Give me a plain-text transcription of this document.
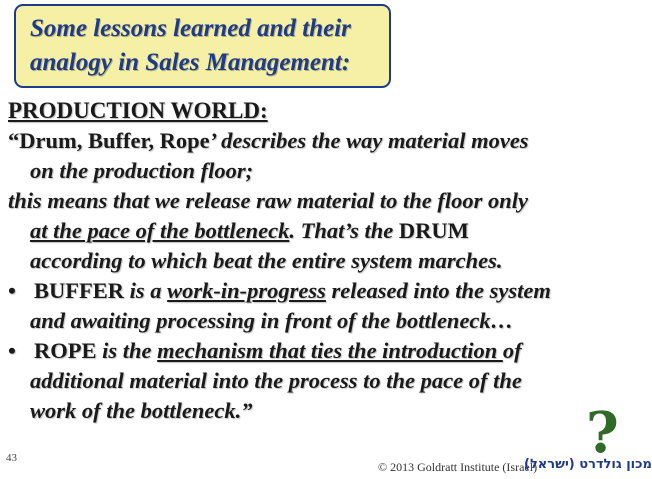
Some lessons learned and their
analogy in Sales Management:
PRODUCTION WORLD:
“Drum, Buffer, Rope’ describes the way material moves
on the production floor;
this means that we release raw material to the floor only
at the pace of the bottleneck. That’s the DRUM
according to which beat the entire system marches.
• BUFFER is a work-in-progress released into the system
and awaiting processing in front of the bottleneck…
• ROPE is the mechanism that ties the introduction of
additional material into the process to the pace of the
work of the bottleneck.”
43
© 2013 Goldratt Institute (Israel)
מכון גולדרט (ישראל)
?
